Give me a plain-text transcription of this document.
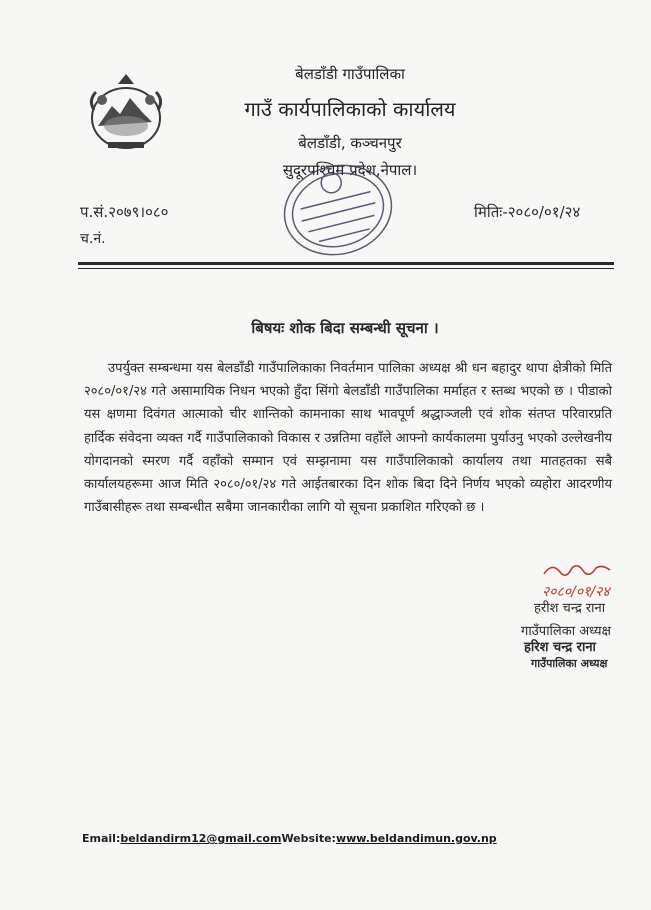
बेलडाँडी गाउँपालिका
गाउँ कार्यपालिकाको कार्यालय
बेलडाँडी, कञ्चनपुर
सुदूरपश्चिम प्रदेश,नेपाल।
प.सं.२०७९।०८०
च.नं.
मितिः-२०८०/०१/२४
बिषयः शोक बिदा सम्बन्धी सूचना ।
उपर्युक्त सम्बन्धमा यस बेलडाँडी गाउँपालिकाका निवर्तमान पालिका अध्यक्ष श्री धन बहादुर थापा क्षेत्रीको मिति २०८०/०१/२४ गते असामायिक निधन भएको हुँदा सिंगो बेलडाँडी गाउँपालिका मर्माहत र स्तब्ध भएको छ । पीडाको यस क्षणमा दिवंगत आत्माको चीर शान्तिको कामनाका साथ भावपूर्ण श्रद्धाञ्जली एवं शोक संतप्त परिवारप्रति हार्दिक संवेदना व्यक्त गर्दै गाउँपालिकाको विकास र उन्नतिमा वहाँले आफ्नो कार्यकालमा पुर्याउनु भएको उल्लेखनीय योगदानको स्मरण गर्दै वहाँको सम्मान एवं सम्झनामा यस गाउँपालिकाको कार्यालय तथा मातहतका सबै कार्यालयहरूमा आज मिति २०८०/०१/२४ गते आईतबारका दिन शोक बिदा दिने निर्णय भएको व्यहोरा आदरणीय गाउँबासीहरू तथा सम्बन्धीत सबैमा जानकारीका लागि यो सूचना प्रकाशित गरिएको छ ।
२०८०/०१/२४
हरीश चन्द्र राना
गाउँपालिका अध्यक्ष
हरिश चन्द्र राना
गाउँपालिका अध्यक्ष
Email:beldandirm12@gmail.comWebsite:www.beldandimun.gov.np
